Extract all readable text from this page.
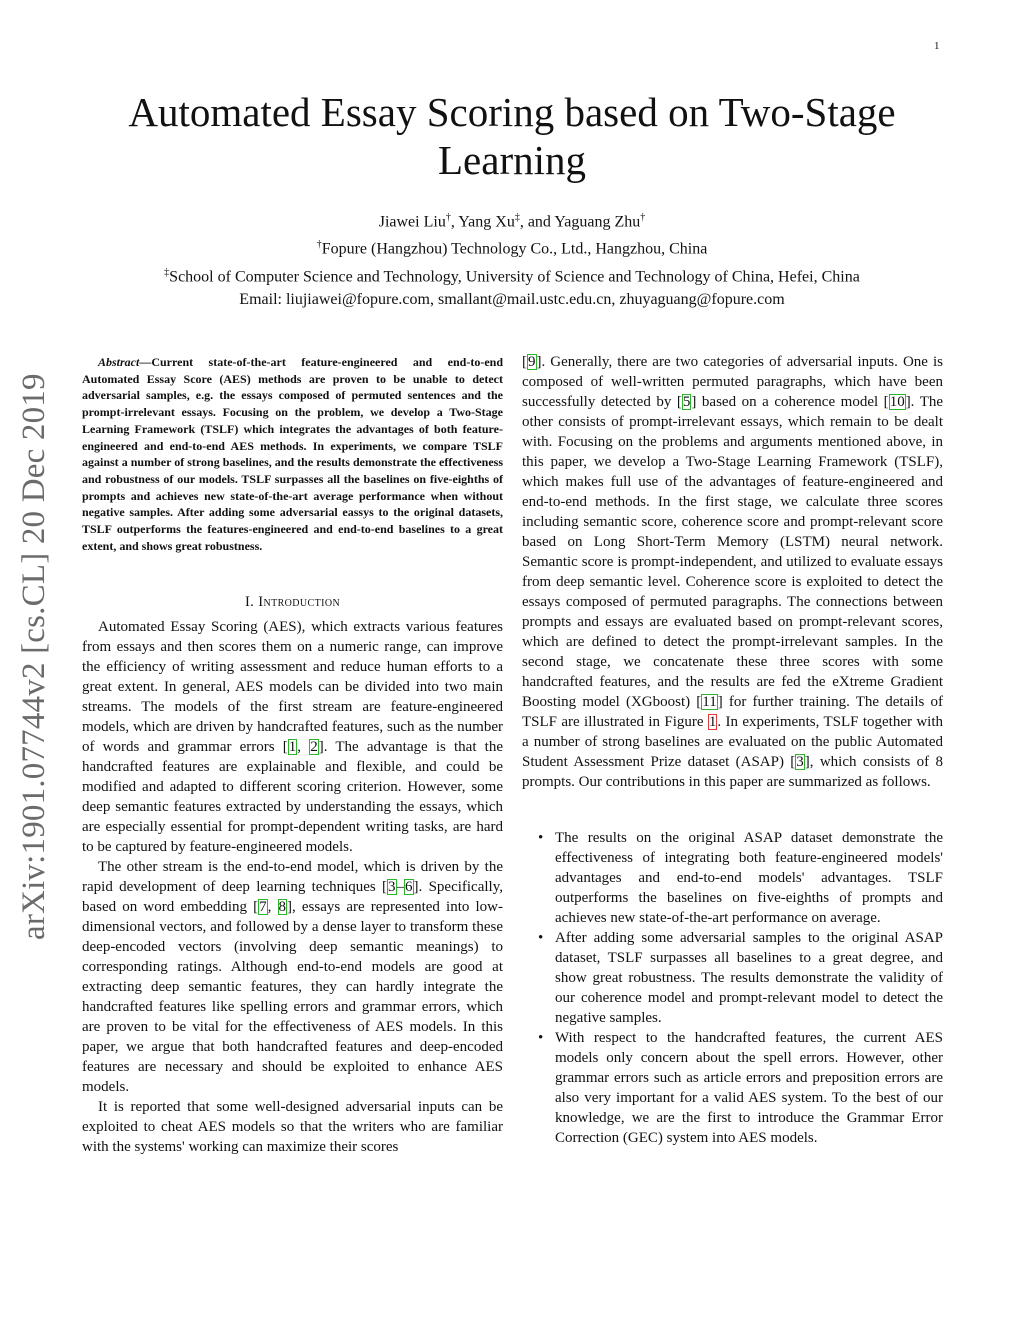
1
arXiv:1901.07744v2 [cs.CL] 20 Dec 2019
Automated Essay Scoring based on Two-Stage Learning
Jiawei Liu†, Yang Xu‡, and Yaguang Zhu†
†Fopure (Hangzhou) Technology Co., Ltd., Hangzhou, China
‡School of Computer Science and Technology, University of Science and Technology of China, Hefei, China
Email: liujiawei@fopure.com, smallant@mail.ustc.edu.cn, zhuyaguang@fopure.com

Abstract—Current state-of-the-art feature-engineered and end-to-end Automated Essay Score (AES) methods are proven to be unable to detect adversarial samples, e.g. the essays composed of permuted sentences and the prompt-irrelevant essays. Focusing on the problem, we develop a Two-Stage Learning Framework (TSLF) which integrates the advantages of both feature-engineered and end-to-end AES methods. In experiments, we compare TSLF against a number of strong baselines, and the results demonstrate the effectiveness and robustness of our models. TSLF surpasses all the baselines on five-eighths of prompts and achieves new state-of-the-art average performance when without negative samples. After adding some adversarial eassys to the original datasets, TSLF outperforms the features-engineered and end-to-end baselines to a great extent, and shows great robustness.

I. Introduction

Automated Essay Scoring (AES), which extracts various features from essays and then scores them on a numeric range, can improve the efficiency of writing assessment and reduce human efforts to a great extent. In general, AES models can be divided into two main streams. The models of the first stream are feature-engineered models, which are driven by handcrafted features, such as the number of words and grammar errors [1, 2]. The advantage is that the handcrafted features are explainable and flexible, and could be modified and adapted to different scoring criterion. However, some deep semantic features extracted by understanding the essays, which are especially essential for prompt-dependent writing tasks, are hard to be captured by feature-engineered models.

The other stream is the end-to-end model, which is driven by the rapid development of deep learning techniques [3–6]. Specifically, based on word embedding [7, 8], essays are represented into low-dimensional vectors, and followed by a dense layer to transform these deep-encoded vectors (involving deep semantic meanings) to corresponding ratings. Although end-to-end models are good at extracting deep semantic features, they can hardly integrate the handcrafted features like spelling errors and grammar errors, which are proven to be vital for the effectiveness of AES models. In this paper, we argue that both handcrafted features and deep-encoded features are necessary and should be exploited to enhance AES models.

It is reported that some well-designed adversarial inputs can be exploited to cheat AES models so that the writers who are familiar with the systems' working can maximize their scores

[9]. Generally, there are two categories of adversarial inputs. One is composed of well-written permuted paragraphs, which have been successfully detected by [5] based on a coherence model [10]. The other consists of prompt-irrelevant essays, which remain to be dealt with. Focusing on the problems and arguments mentioned above, in this paper, we develop a Two-Stage Learning Framework (TSLF), which makes full use of the advantages of feature-engineered and end-to-end methods. In the first stage, we calculate three scores including semantic score, coherence score and prompt-relevant score based on Long Short-Term Memory (LSTM) neural network. Semantic score is prompt-independent, and utilized to evaluate essays from deep semantic level. Coherence score is exploited to detect the essays composed of permuted paragraphs. The connections between prompts and essays are evaluated based on prompt-relevant scores, which are defined to detect the prompt-irrelevant samples. In the second stage, we concatenate these three scores with some handcrafted features, and the results are fed the eXtreme Gradient Boosting model (XGboost) [11] for further training. The details of TSLF are illustrated in Figure 1. In experiments, TSLF together with a number of strong baselines are evaluated on the public Automated Student Assessment Prize dataset (ASAP) [3], which consists of 8 prompts. Our contributions in this paper are summarized as follows.

• The results on the original ASAP dataset demonstrate the effectiveness of integrating both feature-engineered models' advantages and end-to-end models' advantages. TSLF outperforms the baselines on five-eighths of prompts and achieves new state-of-the-art performance on average.
• After adding some adversarial samples to the original ASAP dataset, TSLF surpasses all baselines to a great degree, and show great robustness. The results demonstrate the validity of our coherence model and prompt-relevant model to detect the negative samples.
• With respect to the handcrafted features, the current AES models only concern about the spell errors. However, other grammar errors such as article errors and preposition errors are also very important for a valid AES system. To the best of our knowledge, we are the first to introduce the Grammar Error Correction (GEC) system into AES models.
